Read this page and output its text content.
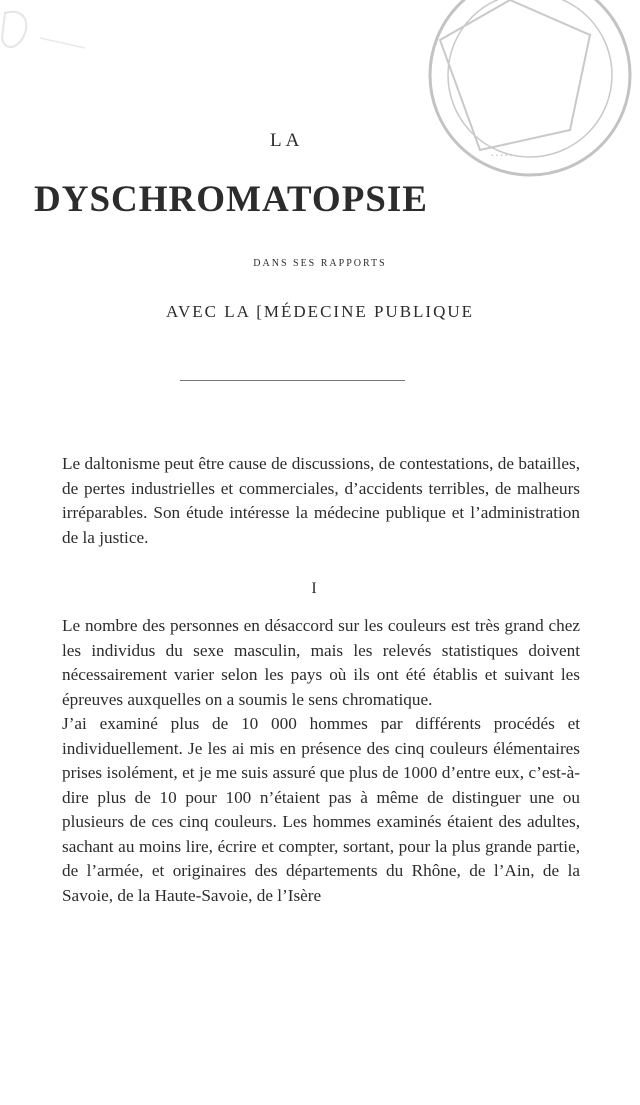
·····
LA
DYSCHROMATOPSIE
DANS SES RAPPORTS
AVEC LA [MÉDECINE PUBLIQUE
Le daltonisme peut être cause de discussions, de contestations, de batailles, de pertes industrielles et commerciales, d’accidents terribles, de malheurs irréparables. Son étude intéresse la médecine publique et l’administration de la justice.
I
Le nombre des personnes en désaccord sur les couleurs est très grand chez les individus du sexe masculin, mais les relevés statistiques doivent nécessairement varier selon les pays où ils ont été établis et suivant les épreuves auxquelles on a soumis le sens chromatique.
J’ai examiné plus de 10 000 hommes par différents procédés et individuellement. Je les ai mis en présence des cinq couleurs élémentaires prises isolément, et je me suis assuré que plus de 1000 d’entre eux, c’est-à-dire plus de 10 pour 100 n’étaient pas à même de distinguer une ou plusieurs de ces cinq couleurs. Les hommes examinés étaient des adultes, sachant au moins lire, écrire et compter, sortant, pour la plus grande partie, de l’armée, et originaires des départements du Rhône, de l’Ain, de la Savoie, de la Haute-Savoie, de l’Isère
